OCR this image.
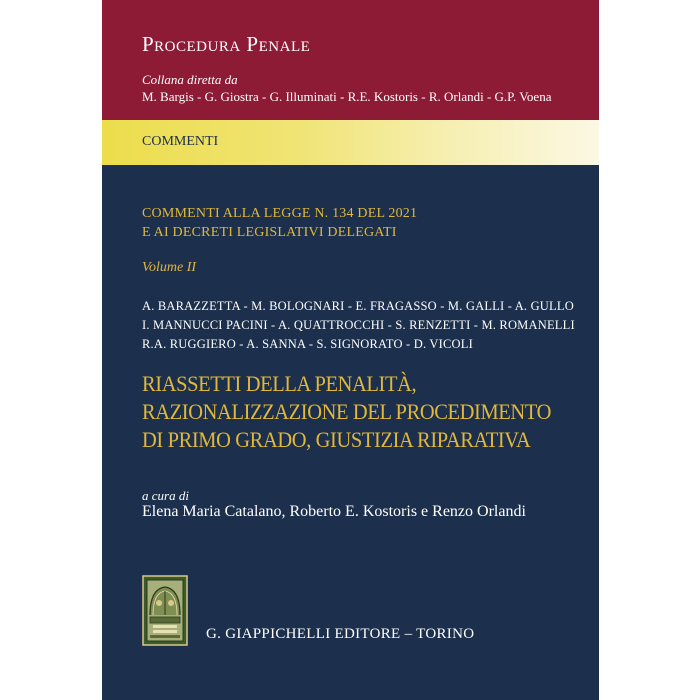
Procedura Penale
Collana diretta da
M. Bargis - G. Giostra - G. Illuminati - R.E. Kostoris - R. Orlandi - G.P. Voena
COMMENTI
COMMENTI ALLA LEGGE N. 134 DEL 2021
E AI DECRETI LEGISLATIVI DELEGATI
Volume II
A. BARAZZETTA - M. BOLOGNARI - E. FRAGASSO - M. GALLI - A. GULLO
I. MANNUCCI PACINI - A. QUATTROCCHI - S. RENZETTI - M. ROMANELLI
R.A. RUGGIERO - A. SANNA - S. SIGNORATO - D. VICOLI
RIASSETTI DELLA PENALITÀ,
RAZIONALIZZAZIONE DEL PROCEDIMENTO
DI PRIMO GRADO, GIUSTIZIA RIPARATIVA
a cura di
Elena Maria Catalano, Roberto E. Kostoris e Renzo Orlandi
G. GIAPPICHELLI EDITORE – TORINO
